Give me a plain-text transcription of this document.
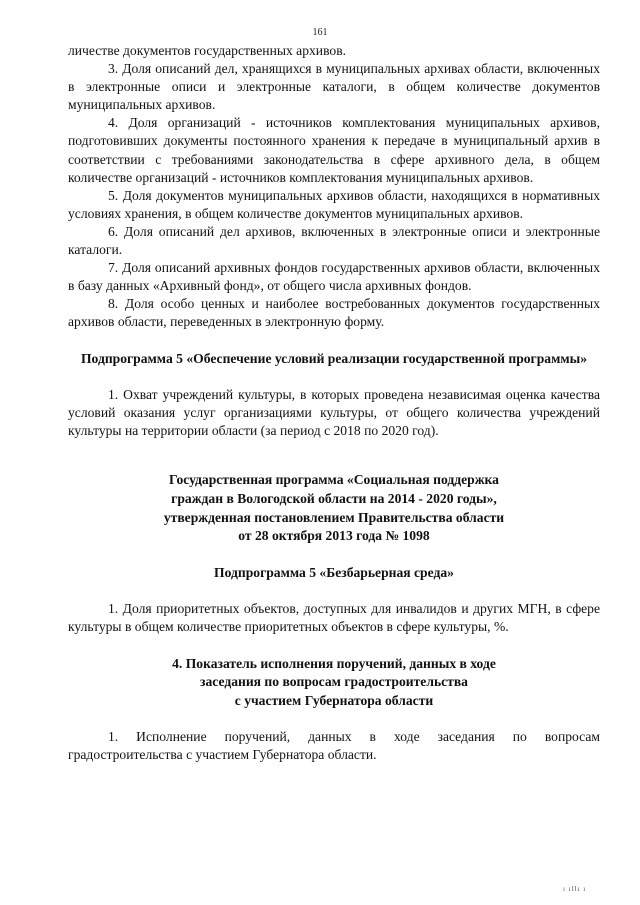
161

личестве документов государственных архивов.

3. Доля описаний дел, хранящихся в муниципальных архивах области, включенных в электронные описи и электронные каталоги, в общем количестве документов муниципальных архивов.

4. Доля организаций - источников комплектования муниципальных архивов, подготовивших документы постоянного хранения к передаче в муниципальный архив в соответствии с требованиями законодательства в сфере архивного дела, в общем количестве организаций - источников комплектования муниципальных архивов.

5. Доля документов муниципальных архивов области, находящихся в нормативных условиях хранения, в общем количестве документов муниципальных архивов.

6. Доля описаний дел архивов, включенных в электронные описи и электронные каталоги.

7. Доля описаний архивных фондов государственных архивов области, включенных в базу данных «Архивный фонд», от общего числа архивных фондов.

8. Доля особо ценных и наиболее востребованных документов государственных архивов области, переведенных в электронную форму.

Подпрограмма 5 «Обеспечение условий реализации государственной программы»

1. Охват учреждений культуры, в которых проведена независимая оценка качества условий оказания услуг организациями культуры, от общего количества учреждений культуры на территории области (за период с 2018 по 2020 год).

Государственная программа «Социальная поддержка
граждан в Вологодской области на 2014 - 2020 годы»,
утвержденная постановлением Правительства области
от 28 октября 2013 года № 1098
Подпрограмма 5 «Безбарьерная среда»

1. Доля приоритетных объектов, доступных для инвалидов и других МГН, в сфере культуры в общем количестве приоритетных объектов в сфере культуры, %.

4. Показатель исполнения поручений, данных в ходе
заседания по вопросам градостроительства
с участием Губернатора области

1. Исполнение поручений, данных в ходе заседания по вопросам градостроительства с участием Губернатора области.

ı ıllı ı
